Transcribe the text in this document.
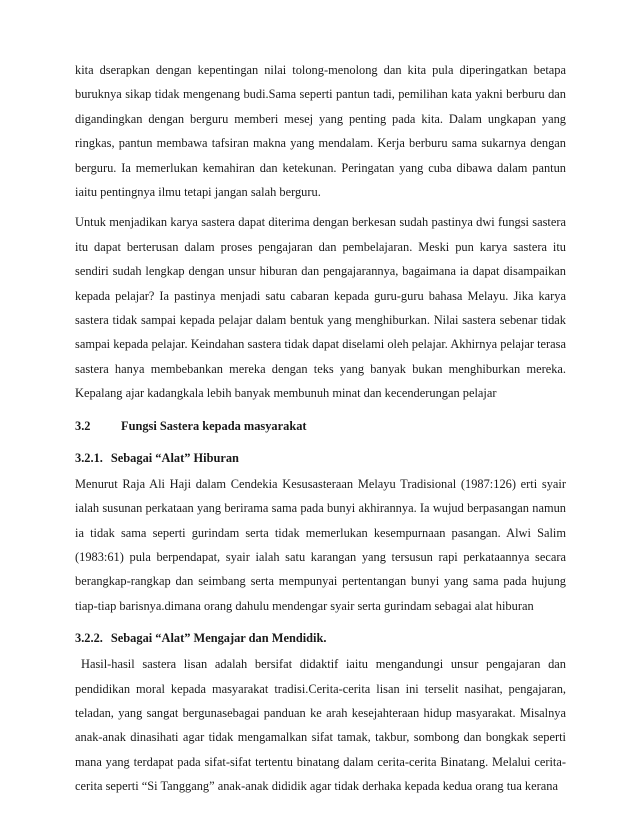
kita dserapkan dengan kepentingan nilai tolong-menolong dan kita pula diperingatkan betapa buruknya sikap tidak mengenang budi.Sama seperti pantun tadi, pemilihan kata yakni berburu dan digandingkan dengan berguru memberi mesej yang penting pada kita. Dalam ungkapan yang ringkas, pantun membawa tafsiran makna yang mendalam. Kerja berburu sama sukarnya dengan berguru. Ia memerlukan kemahiran dan ketekunan. Peringatan yang cuba dibawa dalam pantun iaitu pentingnya ilmu tetapi jangan salah berguru.

Untuk menjadikan karya sastera dapat diterima dengan berkesan sudah pastinya dwi fungsi sastera itu dapat berterusan dalam proses pengajaran dan pembelajaran. Meski pun karya sastera itu sendiri sudah lengkap dengan unsur hiburan dan pengajarannya, bagaimana ia dapat disampaikan kepada pelajar? Ia pastinya menjadi satu cabaran kepada guru-guru bahasa Melayu. Jika karya sastera tidak sampai kepada pelajar dalam bentuk yang menghiburkan. Nilai sastera sebenar tidak sampai kepada pelajar. Keindahan sastera tidak dapat diselami oleh pelajar. Akhirnya pelajar terasa sastera hanya membebankan mereka dengan teks yang banyak bukan menghiburkan mereka. Kepalang ajar kadangkala lebih banyak membunuh minat dan kecenderungan pelajar

3.2 Fungsi Sastera kepada masyarakat
3.2.1. Sebagai “Alat” Hiburan

Menurut Raja Ali Haji dalam Cendekia Kesusasteraan Melayu Tradisional (1987:126) erti syair ialah susunan perkataan yang berirama sama pada bunyi akhirannya. Ia wujud berpasangan namun ia tidak sama seperti gurindam serta tidak memerlukan kesempurnaan pasangan. Alwi Salim (1983:61) pula berpendapat, syair ialah satu karangan yang tersusun rapi perkataannya secara berangkap-rangkap dan seimbang serta mempunyai pertentangan bunyi yang sama pada hujung tiap-tiap barisnya.dimana orang dahulu mendengar syair serta gurindam sebagai alat hiburan

3.2.2. Sebagai “Alat” Mengajar dan Mendidik.

Hasil-hasil sastera lisan adalah bersifat didaktif iaitu mengandungi unsur pengajaran dan pendidikan moral kepada masyarakat tradisi.Cerita-cerita lisan ini terselit nasihat, pengajaran, teladan, yang sangat bergunasebagai panduan ke arah kesejahteraan hidup masyarakat. Misalnya anak-anak dinasihati agar tidak mengamalkan sifat tamak, takbur, sombong dan bongkak seperti mana yang terdapat pada sifat-sifat tertentu binatang dalam cerita-cerita Binatang. Melalui cerita-cerita seperti “Si Tanggang” anak-anak dididik agar tidak derhaka kepada kedua orang tua kerana
